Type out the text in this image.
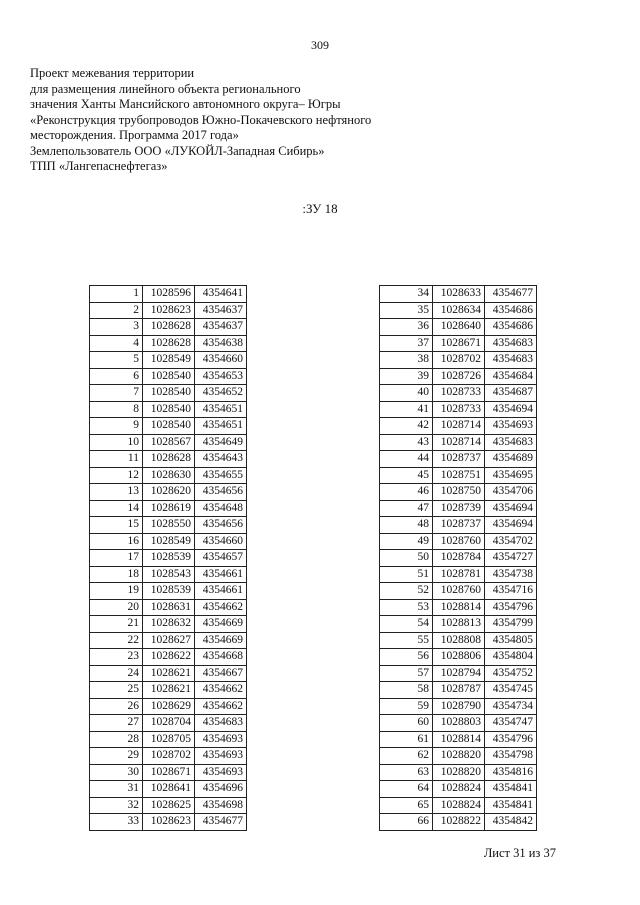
309
Проект межевания территории
для размещения линейного объекта регионального
значения Ханты Мансийского автономного округа– Югры
«Реконструкция трубопроводов Южно-Покачевского нефтяного
месторождения. Программа 2017 года»
Землепользователь ООО «ЛУКОЙЛ-Западная Сибирь»
ТПП «Лангепаснефтегаз»
:ЗУ 18
1	1028596	4354641
2	1028623	4354637
3	1028628	4354637
4	1028628	4354638
5	1028549	4354660
6	1028540	4354653
7	1028540	4354652
8	1028540	4354651
9	1028540	4354651
10	1028567	4354649
11	1028628	4354643
12	1028630	4354655
13	1028620	4354656
14	1028619	4354648
15	1028550	4354656
16	1028549	4354660
17	1028539	4354657
18	1028543	4354661
19	1028539	4354661
20	1028631	4354662
21	1028632	4354669
22	1028627	4354669
23	1028622	4354668
24	1028621	4354667
25	1028621	4354662
26	1028629	4354662
27	1028704	4354683
28	1028705	4354693
29	1028702	4354693
30	1028671	4354693
31	1028641	4354696
32	1028625	4354698
33	1028623	4354677
34	1028633	4354677
35	1028634	4354686
36	1028640	4354686
37	1028671	4354683
38	1028702	4354683
39	1028726	4354684
40	1028733	4354687
41	1028733	4354694
42	1028714	4354693
43	1028714	4354683
44	1028737	4354689
45	1028751	4354695
46	1028750	4354706
47	1028739	4354694
48	1028737	4354694
49	1028760	4354702
50	1028784	4354727
51	1028781	4354738
52	1028760	4354716
53	1028814	4354796
54	1028813	4354799
55	1028808	4354805
56	1028806	4354804
57	1028794	4354752
58	1028787	4354745
59	1028790	4354734
60	1028803	4354747
61	1028814	4354796
62	1028820	4354798
63	1028820	4354816
64	1028824	4354841
65	1028824	4354841
66	1028822	4354842
Лист 31 из 37
